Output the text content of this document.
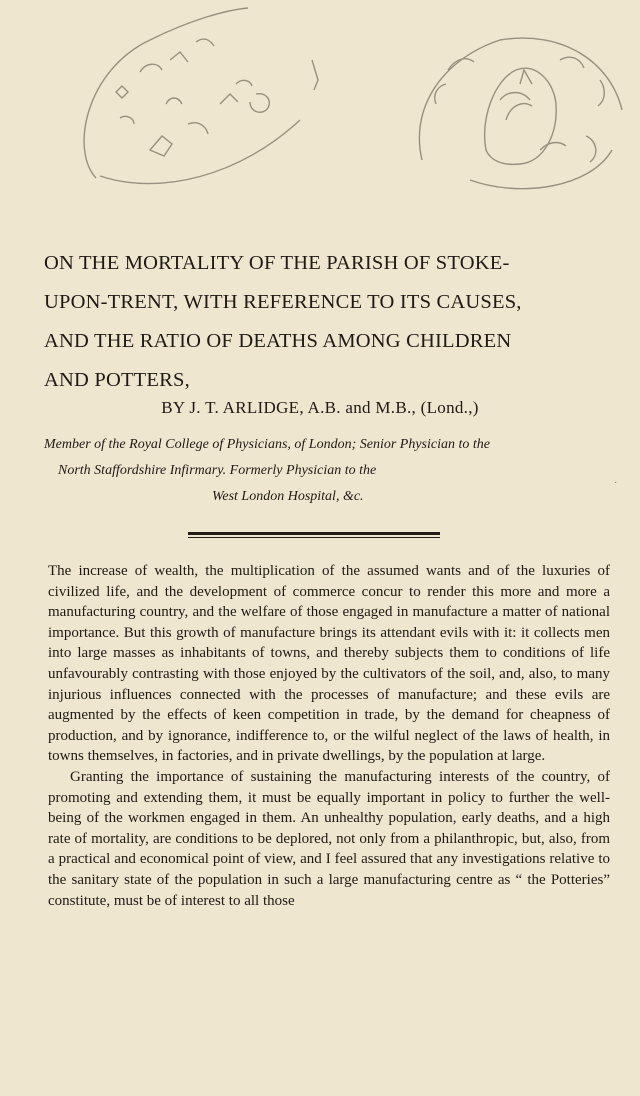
ON THE MORTALITY OF THE PARISH OF STOKE-
UPON-TRENT, WITH REFERENCE TO ITS CAUSES,
AND THE RATIO OF DEATHS AMONG CHILDREN
AND POTTERS,
BY J. T. ARLIDGE, A.B. and M.B., (Lond.,)
Member of the Royal College of Physicians, of London; Senior Physician to the
North Staffordshire Infirmary. Formerly Physician to the
West London Hospital, &c.

The increase of wealth, the multiplication of the assumed wants and of the luxuries of civilized life, and the development of commerce concur to render this more and more a manufacturing country, and the welfare of those engaged in manufacture a matter of national importance. But this growth of manufacture brings its attendant evils with it: it collects men into large masses as inhabitants of towns, and thereby subjects them to conditions of life unfavourably contrasting with those enjoyed by the cultivators of the soil, and, also, to many injurious influences connected with the processes of manufacture; and these evils are augmented by the effects of keen competition in trade, by the demand for cheapness of production, and by ignorance, indifference to, or the wilful neglect of the laws of health, in towns themselves, in factories, and in private dwellings, by the population at large.

Granting the importance of sustaining the manufacturing interests of the country, of promoting and extending them, it must be equally important in policy to further the well-being of the workmen engaged in them. An unhealthy population, early deaths, and a high rate of mortality, are conditions to be deplored, not only from a philanthropic, but, also, from a practical and economical point of view, and I feel assured that any investigations relative to the sanitary state of the population in such a large manufacturing centre as “ the Potteries” constitute, must be of interest to all those

·
